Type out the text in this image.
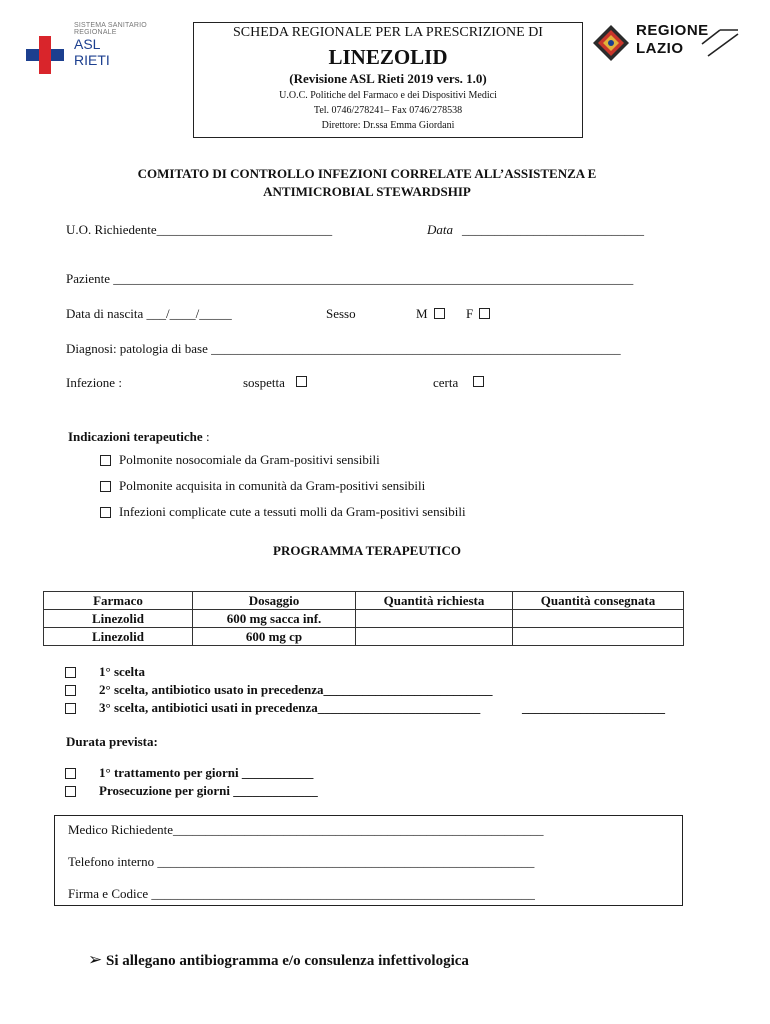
SISTEMA SANITARIO REGIONALE
ASL
RIETI
SCHEDA REGIONALE PER LA PRESCRIZIONE DI
LINEZOLID
(Revisione ASL Rieti 2019 vers. 1.0)
U.O.C. Politiche del Farmaco e dei Dispositivi Medici
Tel. 0746/278241– Fax 0746/278538
Direttore: Dr.ssa Emma Giordani
REGIONE
LAZIO
COMITATO DI CONTROLLO INFEZIONI CORRELATE ALL’ASSISTENZA E
ANTIMICROBIAL STEWARDSHIP
U.O. Richiedente___________________________	Data ____________________________
Paziente ________________________________________________________________________________
Data di nascita ___/____/_____	Sesso	M	F
Diagnosi: patologia di base _______________________________________________________________
Infezione :	sospetta	certa
Indicazioni terapeutiche :
Polmonite nosocomiale da Gram-positivi sensibili
Polmonite acquisita in comunità da Gram-positivi sensibili
Infezioni complicate cute a tessuti molli da Gram-positivi sensibili
PROGRAMMA TERAPEUTICO
Farmaco	Dosaggio	Quantità richiesta	Quantità consegnata
Linezolid	600 mg sacca inf.		
Linezolid	600 mg cp		
1° scelta
2° scelta, antibiotico usato in precedenza__________________________
3° scelta, antibiotici usati in precedenza_________________________	______________________
Durata prevista:
1° trattamento per giorni ___________
Prosecuzione per giorni _____________
Medico Richiedente_________________________________________________________
Telefono interno __________________________________________________________
Firma e Codice ___________________________________________________________
➢ Si allegano antibiogramma e/o consulenza infettivologica
